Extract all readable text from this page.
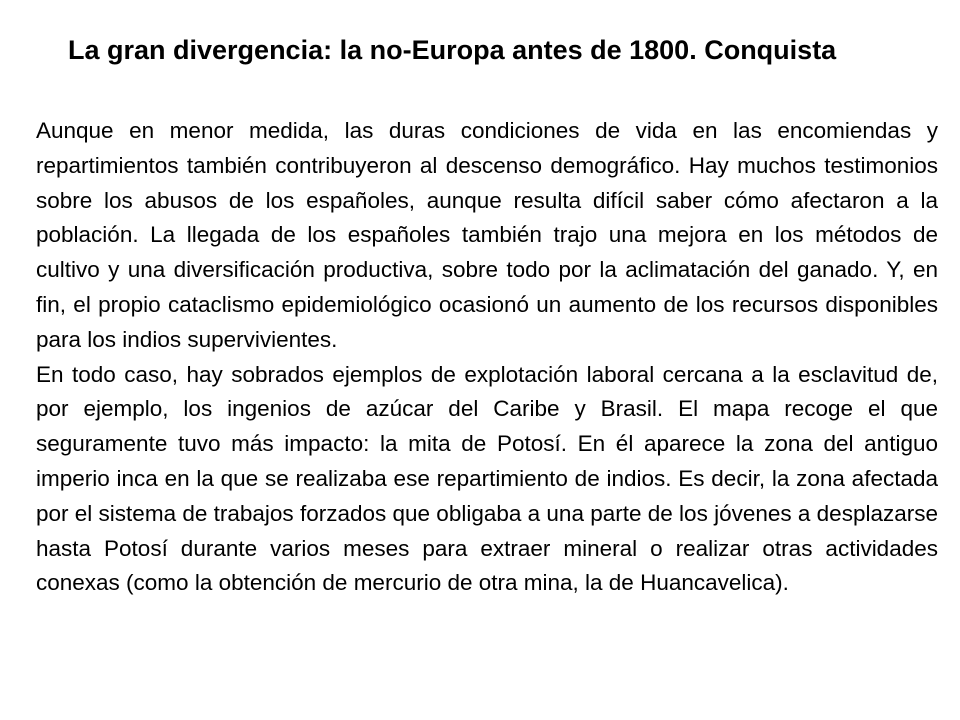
La gran divergencia: la no-Europa antes de 1800. Conquista

Aunque en menor medida, las duras condiciones de vida en las encomiendas y repartimientos también contribuyeron al descenso demográfico. Hay muchos testimonios sobre los abusos de los españoles, aunque resulta difícil saber cómo afectaron a la población. La llegada de los españoles también trajo una mejora en los métodos de cultivo y una diversificación productiva, sobre todo por la aclimatación del ganado. Y, en fin, el propio cataclismo epidemiológico ocasionó un aumento de los recursos disponibles para los indios supervivientes.

En todo caso, hay sobrados ejemplos de explotación laboral cercana a la esclavitud de, por ejemplo, los ingenios de azúcar del Caribe y Brasil. El mapa recoge el que seguramente tuvo más impacto: la mita de Potosí. En él aparece la zona del antiguo imperio inca en la que se realizaba ese repartimiento de indios. Es decir, la zona afectada por el sistema de trabajos forzados que obligaba a una parte de los jóvenes a desplazarse hasta Potosí durante varios meses para extraer mineral o realizar otras actividades conexas (como la obtención de mercurio de otra mina, la de Huancavelica).
